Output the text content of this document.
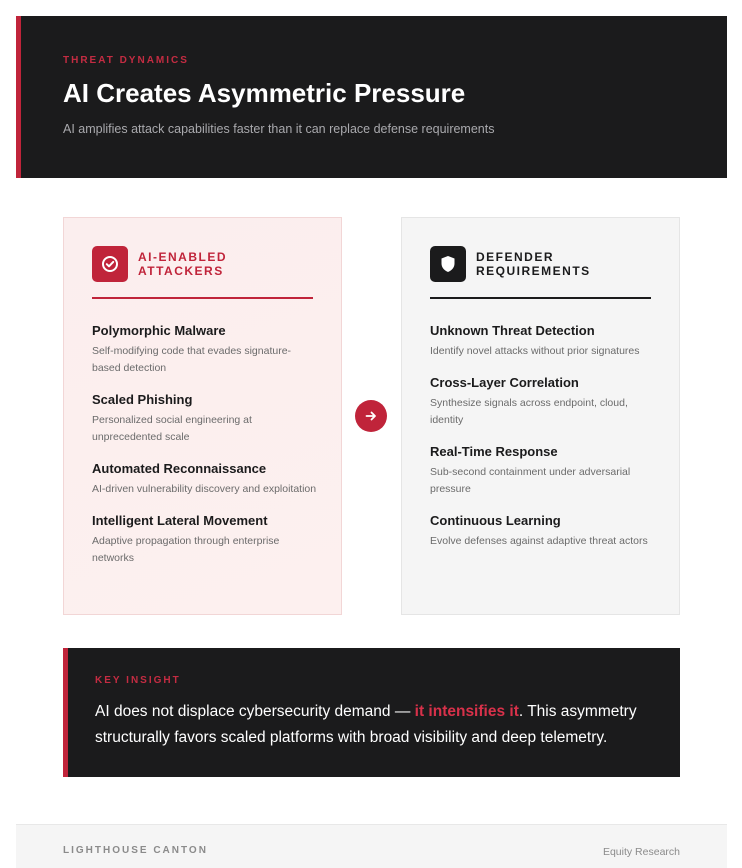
THREAT DYNAMICS
AI Creates Asymmetric Pressure
AI amplifies attack capabilities faster than it can replace defense requirements
AI-ENABLED ATTACKERS
Polymorphic Malware
Self-modifying code that evades signature-based detection
Scaled Phishing
Personalized social engineering at unprecedented scale
Automated Reconnaissance
AI-driven vulnerability discovery and exploitation
Intelligent Lateral Movement
Adaptive propagation through enterprise networks
DEFENDER REQUIREMENTS
Unknown Threat Detection
Identify novel attacks without prior signatures
Cross-Layer Correlation
Synthesize signals across endpoint, cloud, identity
Real-Time Response
Sub-second containment under adversarial pressure
Continuous Learning
Evolve defenses against adaptive threat actors
KEY INSIGHT
AI does not displace cybersecurity demand — it intensifies it. This asymmetry structurally favors scaled platforms with broad visibility and deep telemetry.
LIGHTHOUSE CANTON	Equity Research
